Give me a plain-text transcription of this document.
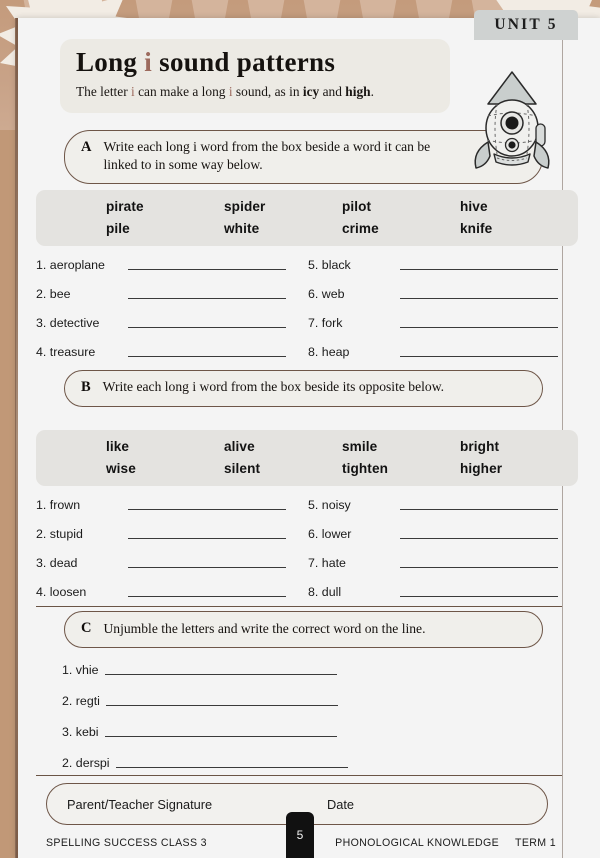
UNIT 5
Long i sound patterns

The letter i can make a long i sound, as in icy and high.

A Write each long i word from the box beside a word it can be linked to in some way below.
pirate	spider	pilot	hive
pile	white	crime	knife
1. aeroplane	5. black
2. bee	6. web
3. detective	7. fork
4. treasure	8. heap
B Write each long i word from the box beside its opposite below.
like	alive	smile	bright
wise	silent	tighten	higher
1. frown	5. noisy
2. stupid	6. lower
3. dead	7. hate
4. loosen	8. dull
C Unjumble the letters and write the correct word on the line.
1. vhie
2. regti
3. kebi
2. derspi
Parent/Teacher Signature	Date
SPELLING SUCCESS CLASS 3	PHONOLOGICAL KNOWLEDGE TERM 1
5
